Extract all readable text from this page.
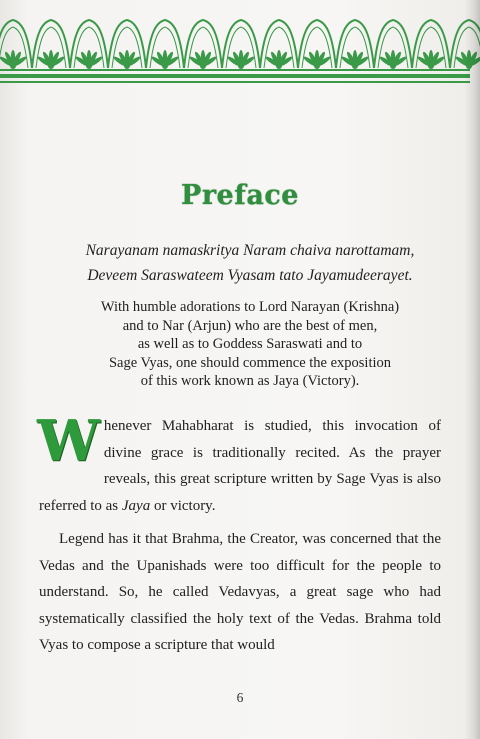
Preface
Narayanam namaskritya Naram chaiva narottamam,
Deveem Saraswateem Vyasam tato Jayamudeerayet.
With humble adorations to Lord Narayan (Krishna)
and to Nar (Arjun) who are the best of men,
as well as to Goddess Saraswati and to
Sage Vyas, one should commence the exposition
of this work known as Jaya (Victory).

Whenever Mahabharat is studied, this invocation of divine grace is traditionally recited. As the prayer reveals, this great scripture written by Sage Vyas is also referred to as Jaya or victory.

Legend has it that Brahma, the Creator, was concerned that the Vedas and the Upanishads were too difficult for the people to understand. So, he called Vedavyas, a great sage who had systematically classified the holy text of the Vedas. Brahma told Vyas to compose a scripture that would

6
